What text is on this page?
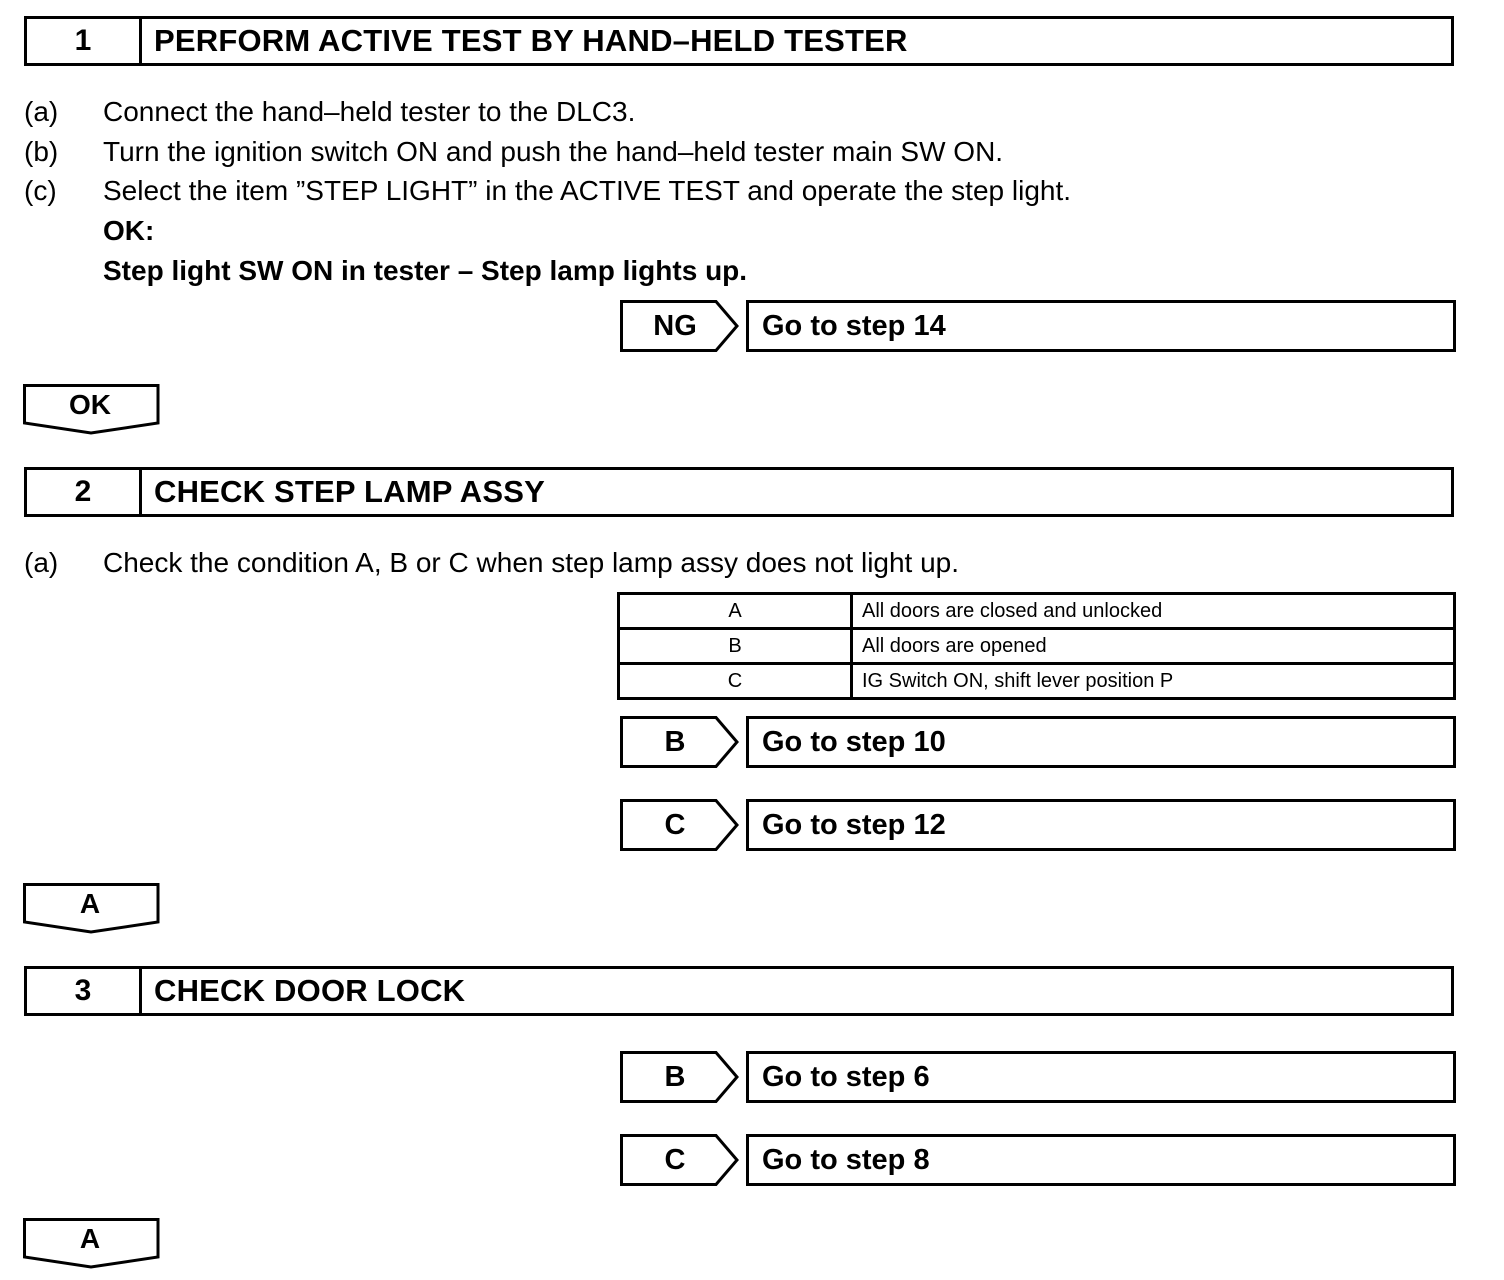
1	PERFORM ACTIVE TEST BY HAND–HELD TESTER
(a) Connect the hand–held tester to the DLC3.
(b) Turn the ignition switch ON and push the hand–held tester main SW ON.
(c) Select the item ”STEP LIGHT” in the ACTIVE TEST and operate the step light.
OK:
Step light SW ON in tester – Step lamp lights up.
NG	Go to step 14
OK
2	CHECK STEP LAMP ASSY
(a) Check the condition A, B or C when step lamp assy does not light up.
A	All doors are closed and unlocked
B	All doors are opened
C	IG Switch ON, shift lever position P
B	Go to step 10
C	Go to step 12
A
3	CHECK DOOR LOCK
B	Go to step 6
C	Go to step 8
A
